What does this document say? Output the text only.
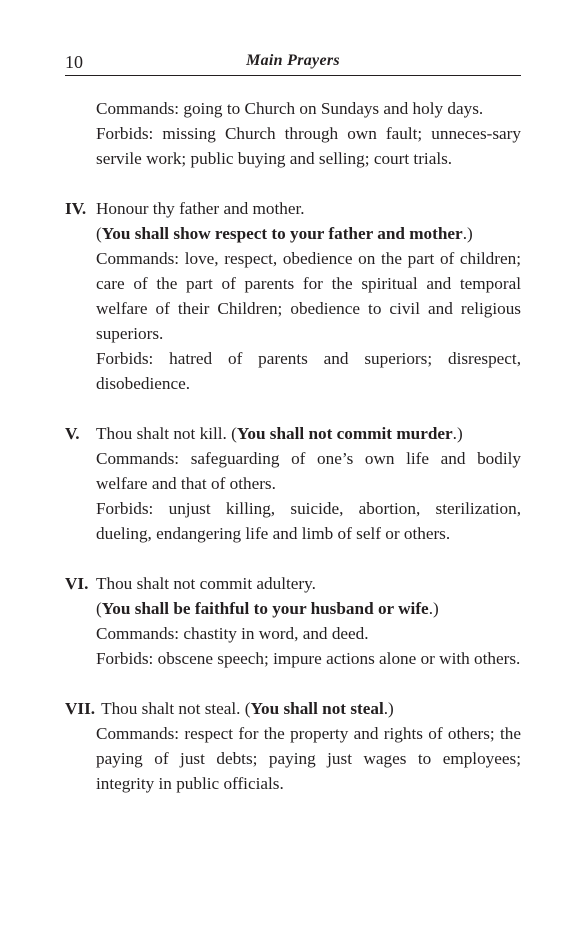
10	Main Prayers

Commands: going to Church on Sundays and holy days.

Forbids: missing Church through own fault; unneces-sary servile work; public buying and selling; court trials.

IV. Honour thy father and mother.

(You shall show respect to your father and mother.)

Commands: love, respect, obedience on the part of children; care of the part of parents for the spiritual and temporal welfare of their Children; obedience to civil and religious superiors.

Forbids: hatred of parents and superiors; disrespect, disobedience.

V. Thou shalt not kill. (You shall not commit murder.)

Commands: safeguarding of one’s own life and bodily welfare and that of others.

Forbids: unjust killing, suicide, abortion, sterilization, dueling, endangering life and limb of self or others.

VI. Thou shalt not commit adultery.

(You shall be faithful to your husband or wife.)

Commands: chastity in word, and deed.

Forbids: obscene speech; impure actions alone or with others.

VII. Thou shalt not steal. (You shall not steal.)

Commands: respect for the property and rights of others; the paying of just debts; paying just wages to employees; integrity in public officials.
